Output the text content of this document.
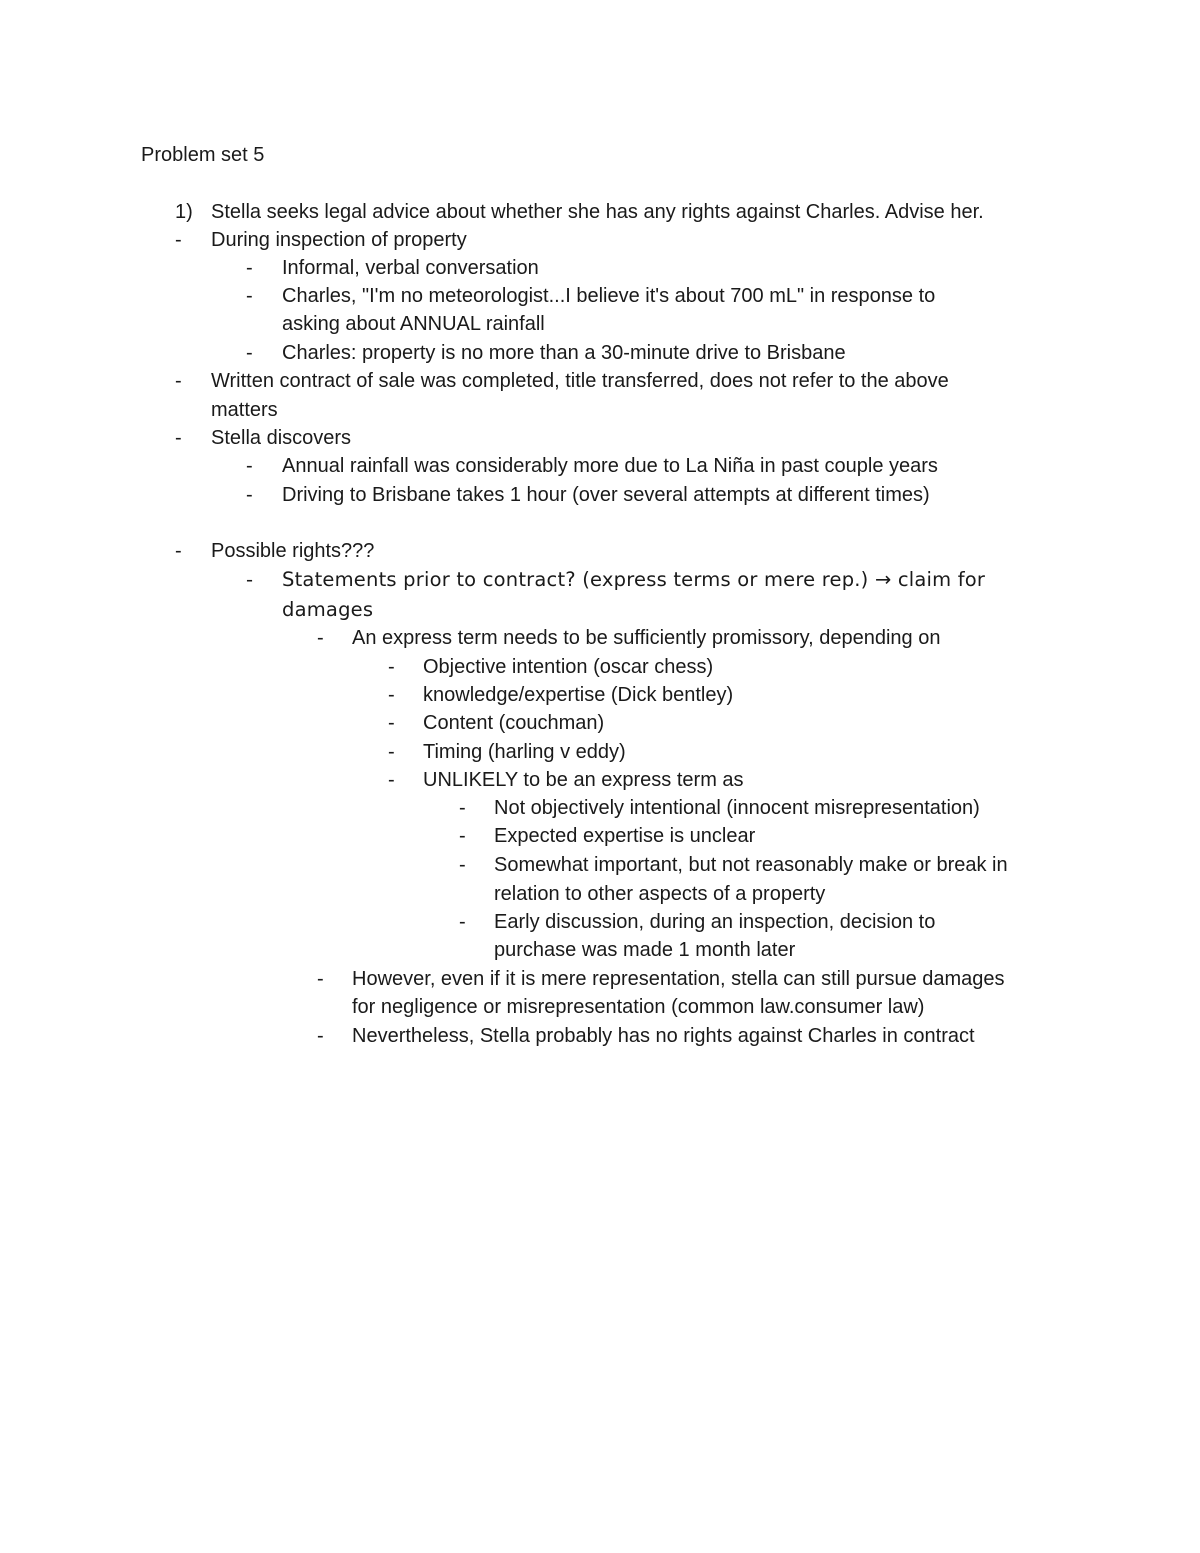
Problem set 5
1) Stella seeks legal advice about whether she has any rights against Charles. Advise her.
- During inspection of property
- Informal, verbal conversation
- Charles, "I'm no meteorologist...I believe it's about 700 mL" in response to
asking about ANNUAL rainfall
- Charles: property is no more than a 30-minute drive to Brisbane
- Written contract of sale was completed, title transferred, does not refer to the above
matters
- Stella discovers
- Annual rainfall was considerably more due to La Niña in past couple years
- Driving to Brisbane takes 1 hour (over several attempts at different times)
- Possible rights???
- Statements prior to contract? (express terms or mere rep.) → claim for
damages
- An express term needs to be sufficiently promissory, depending on
- Objective intention (oscar chess)
- knowledge/expertise (Dick bentley)
- Content (couchman)
- Timing (harling v eddy)
- UNLIKELY to be an express term as
- Not objectively intentional (innocent misrepresentation)
- Expected expertise is unclear
- Somewhat important, but not reasonably make or break in
relation to other aspects of a property
- Early discussion, during an inspection, decision to
purchase was made 1 month later
- However, even if it is mere representation, stella can still pursue damages
for negligence or misrepresentation (common law.consumer law)
- Nevertheless, Stella probably has no rights against Charles in contract
